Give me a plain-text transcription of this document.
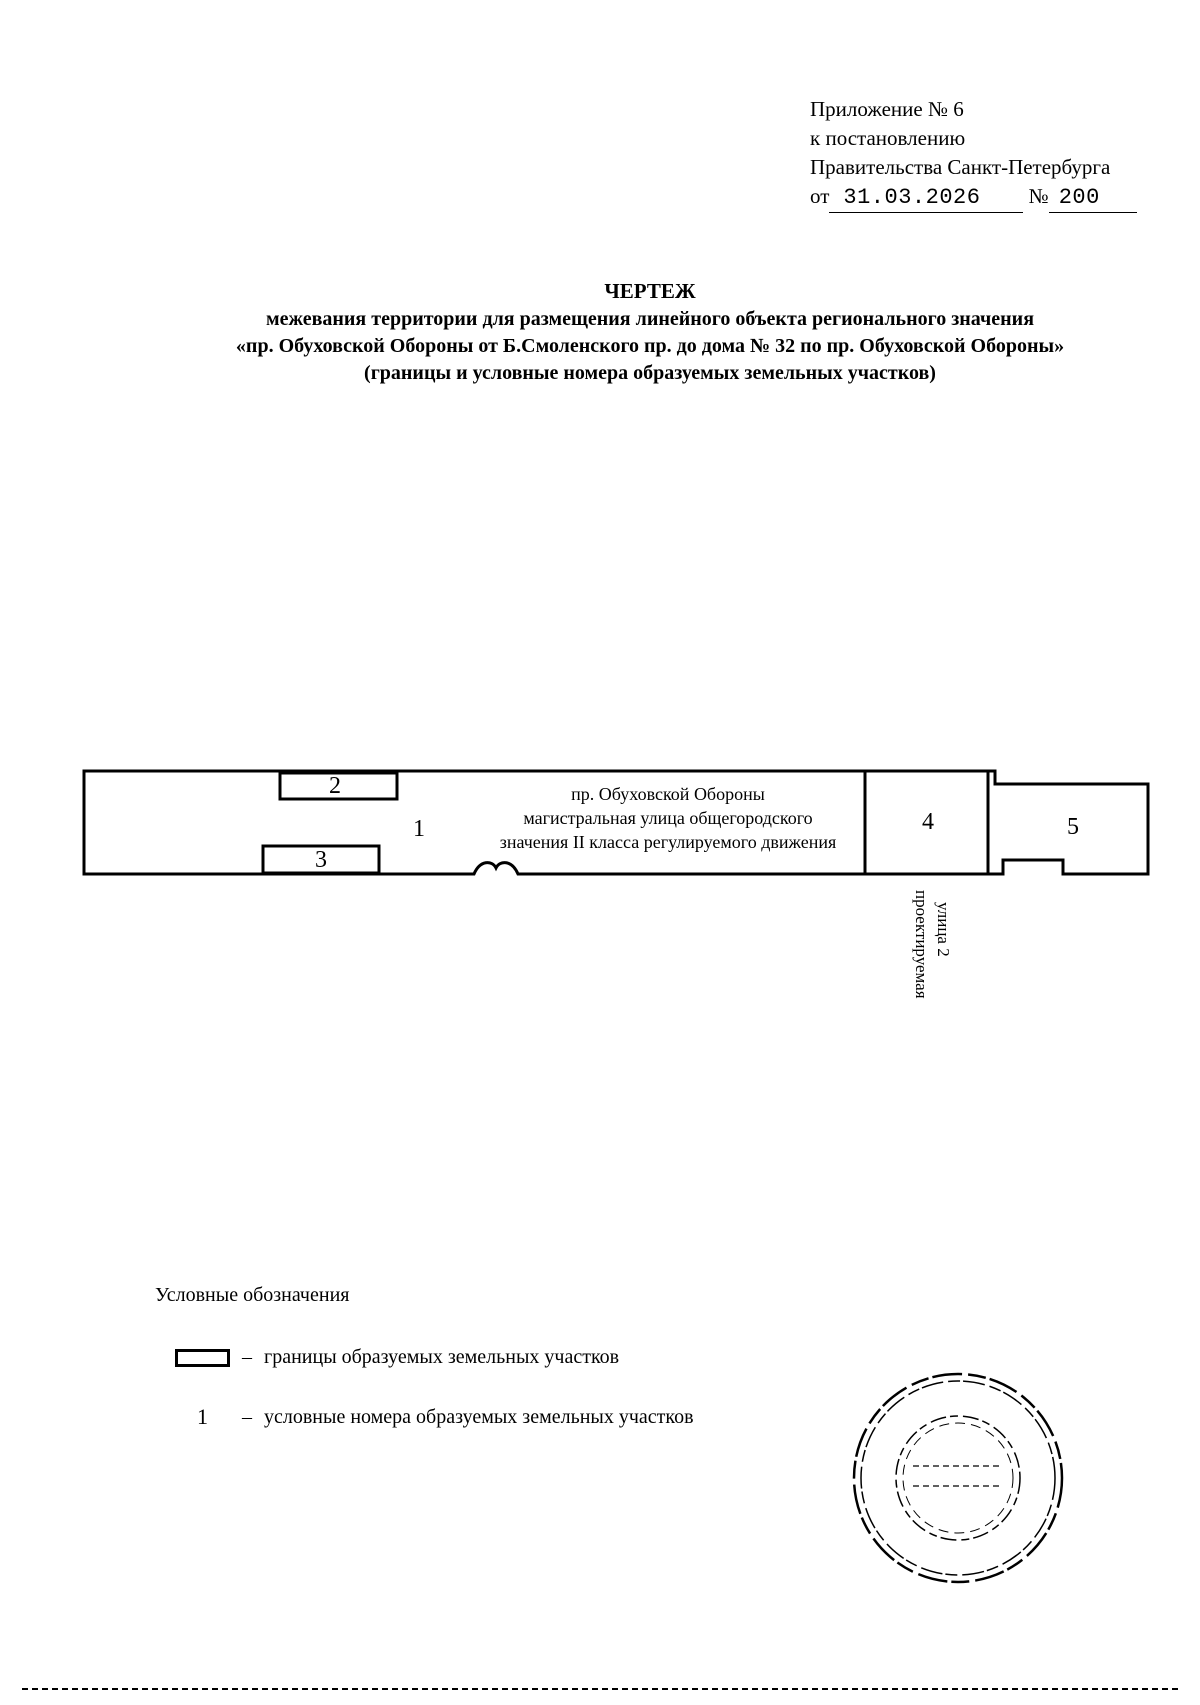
Приложение № 6
к постановлению
Правительства Санкт-Петербурга
от 31.03.2026 № 200
ЧЕРТЕЖ
межевания территории для размещения линейного объекта регионального значения
«пр. Обуховской Обороны от Б.Смоленского пр. до дома № 32 по пр. Обуховской Обороны»
(границы и условные номера образуемых земельных участков)
1
2
3
4	5
пр. Обуховской Обороны
магистральная улица общегородского
значения II класса регулируемого движения
проектируемая улица 2
Условные обозначения
– границы образуемых земельных участков
1	– условные номера образуемых земельных участков
